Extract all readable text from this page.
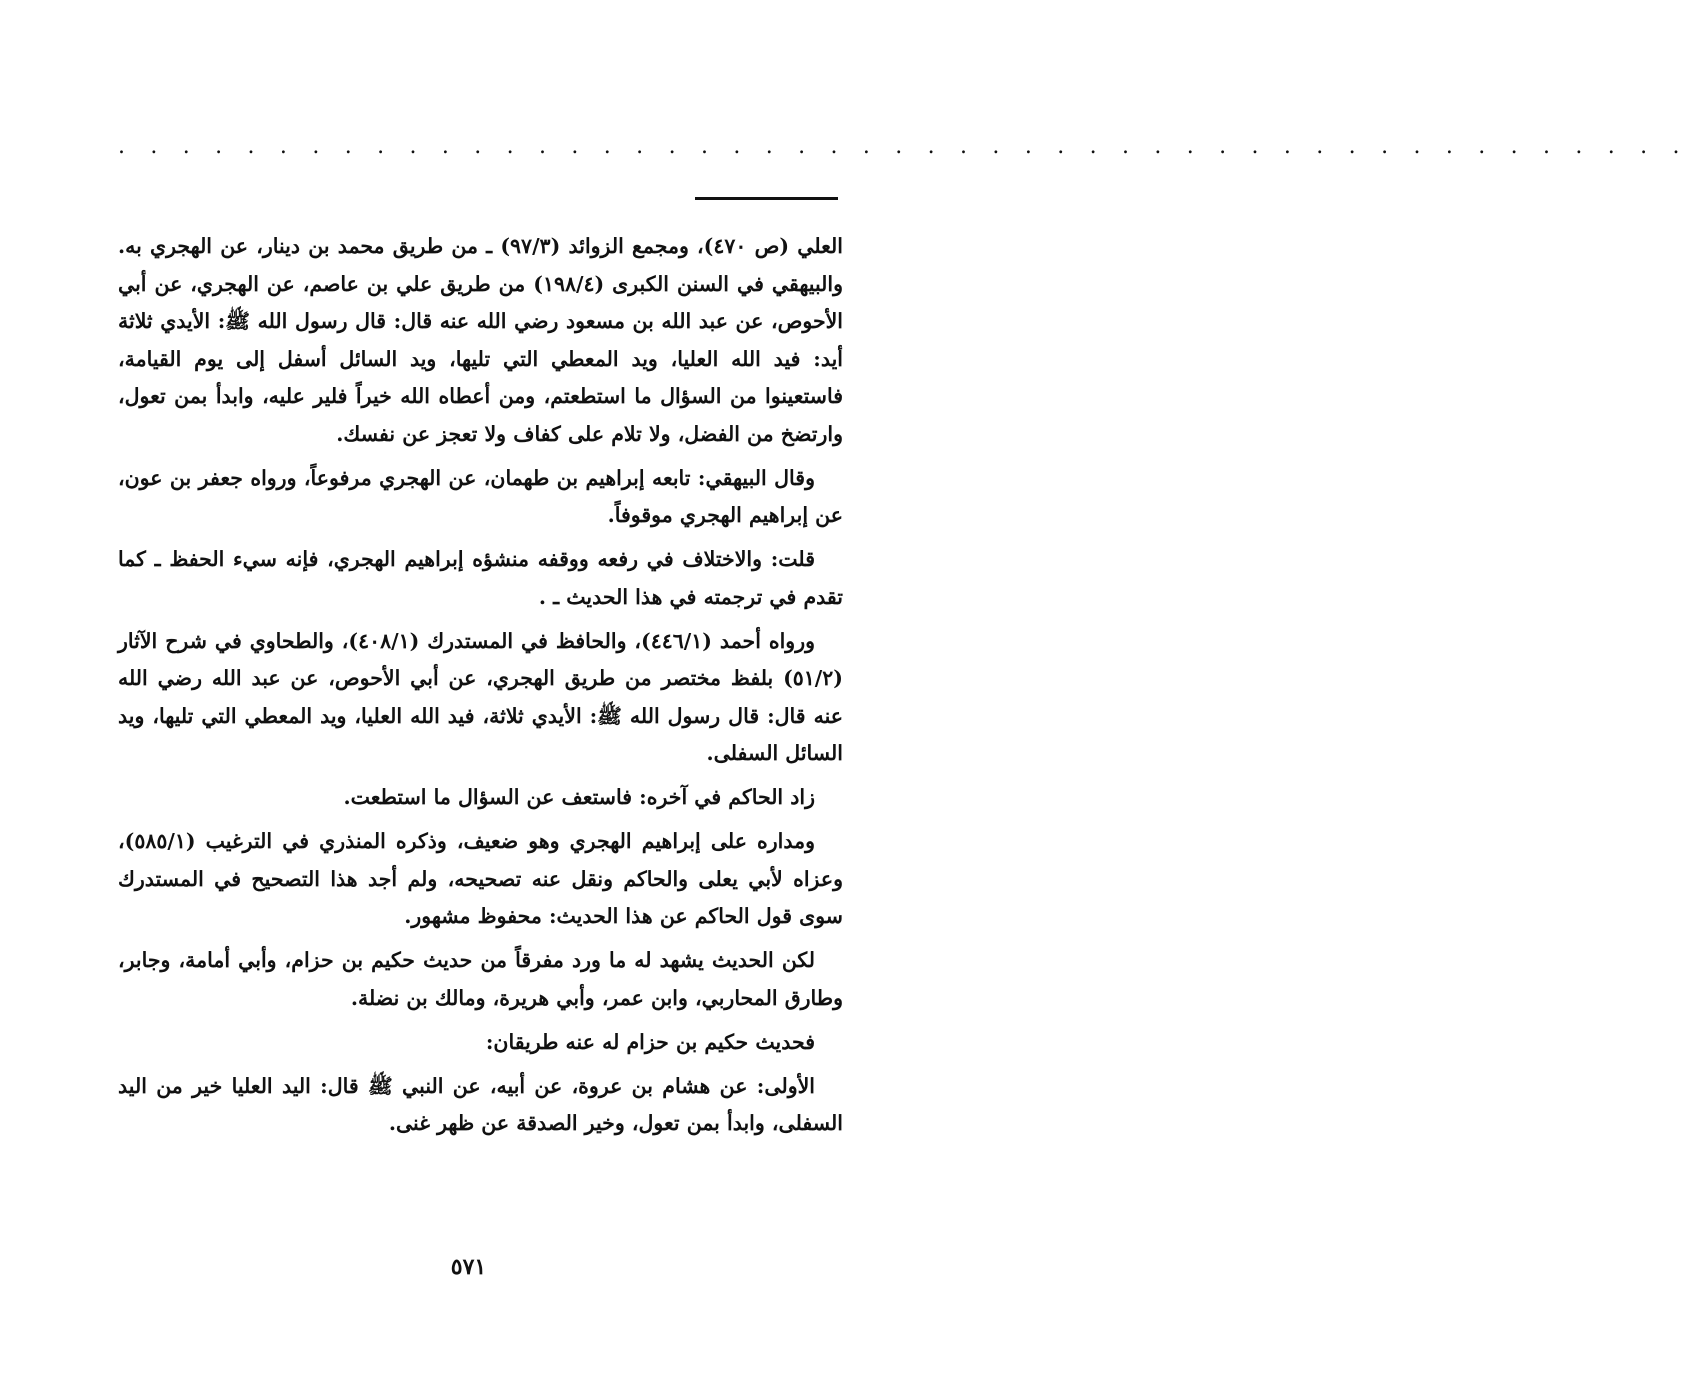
. . . . . . . . . . . . . . . . . . . . . . . . . . . . . . . . . . . . . . . . . . . . . . . . .

العلي (ص ٤٧٠)، ومجمع الزوائد (٩٧/٣) ـ من طريق محمد بن دينار، عن الهجري به. والبيهقي في السنن الكبرى (١٩٨/٤) من طريق علي بن عاصم، عن الهجري، عن أبي الأحوص، عن عبد الله بن مسعود رضي الله عنه قال: قال رسول الله ﷺ: الأيدي ثلاثة أيد: فيد الله العليا، ويد المعطي التي تليها، ويد السائل أسفل إلى يوم القيامة، فاستعينوا من السؤال ما استطعتم، ومن أعطاه الله خيراً فلير عليه، وابدأ بمن تعول، وارتضخ من الفضل، ولا تلام على كفاف ولا تعجز عن نفسك.

وقال البيهقي: تابعه إبراهيم بن طهمان، عن الهجري مرفوعاً، ورواه جعفر بن عون، عن إبراهيم الهجري موقوفاً.

قلت: والاختلاف في رفعه ووقفه منشؤه إبراهيم الهجري، فإنه سيء الحفظ ـ كما تقدم في ترجمته في هذا الحديث ـ .

ورواه أحمد (٤٤٦/١)، والحافظ في المستدرك (٤٠٨/١)، والطحاوي في شرح الآثار (٥١/٢) بلفظ مختصر من طريق الهجري، عن أبي الأحوص، عن عبد الله رضي الله عنه قال: قال رسول الله ﷺ: الأيدي ثلاثة، فيد الله العليا، ويد المعطي التي تليها، ويد السائل السفلى.

زاد الحاكم في آخره: فاستعف عن السؤال ما استطعت.

ومداره على إبراهيم الهجري وهو ضعيف، وذكره المنذري في الترغيب (٥٨٥/١)، وعزاه لأبي يعلى والحاكم ونقل عنه تصحيحه، ولم أجد هذا التصحيح في المستدرك سوى قول الحاكم عن هذا الحديث: محفوظ مشهور.

لكن الحديث يشهد له ما ورد مفرقاً من حديث حكيم بن حزام، وأبي أمامة، وجابر، وطارق المحاربي، وابن عمر، وأبي هريرة، ومالك بن نضلة.

فحديث حكيم بن حزام له عنه طريقان:

الأولى: عن هشام بن عروة، عن أبيه، عن النبي ﷺ قال: اليد العليا خير من اليد السفلى، وابدأ بمن تعول، وخير الصدقة عن ظهر غنى.

٥٧١
